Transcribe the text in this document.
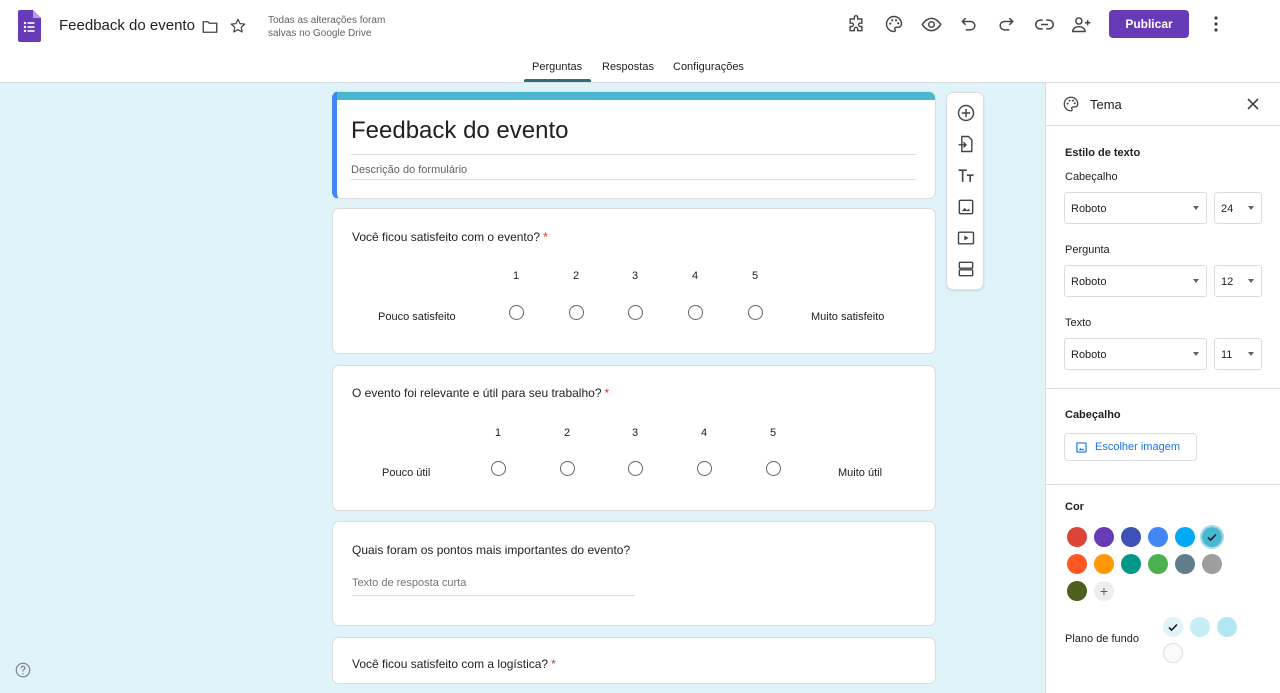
Feedback do evento	Todas as alterações foram salvas no Google Drive
Publicar
Perguntas Respostas Configurações
Feedback do evento
Descrição do formulário
Você ficou satisfeito com o evento? *
1	2	3	4	5
Pouco satisfeito	Muito satisfeito
O evento foi relevante e útil para seu trabalho? *
1	2	3	4	5
Pouco útil	Muito útil
Quais foram os pontos mais importantes do evento?
Texto de resposta curta
Você ficou satisfeito com a logística? *
Tema
Estilo de texto
Cabeçalho
Roboto	24
Pergunta
Roboto	12
Texto
Roboto	11
Cabeçalho
Escolher imagem
Cor
+
Plano de fundo
